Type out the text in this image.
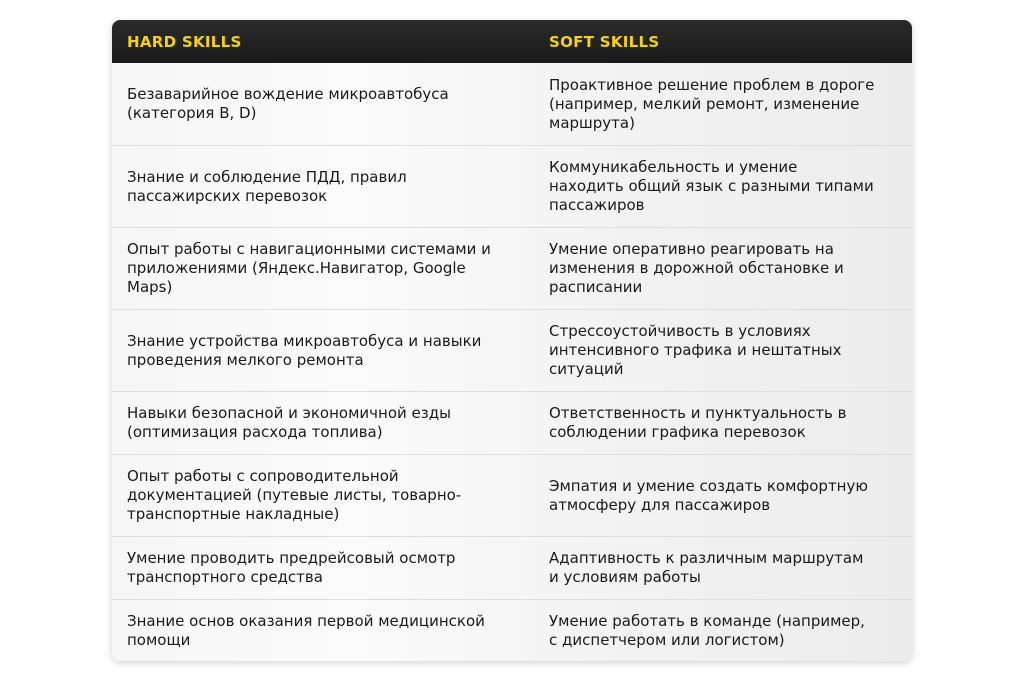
HARD SKILLS	SOFT SKILLS
Безаварийное вождение микроавтобуса
(категория B, D)
Проактивное решение проблем в дороге
(например, мелкий ремонт, изменение
маршрута)
Знание и соблюдение ПДД, правил
пассажирских перевозок
Коммуникабельность и умение
находить общий язык с разными типами
пассажиров
Опыт работы с навигационными системами и
приложениями (Яндекс.Навигатор, Google
Maps)
Умение оперативно реагировать на
изменения в дорожной обстановке и
расписании
Знание устройства микроавтобуса и навыки
проведения мелкого ремонта
Стрессоустойчивость в условиях
интенсивного трафика и нештатных
ситуаций
Навыки безопасной и экономичной езды
(оптимизация расхода топлива)
Ответственность и пунктуальность в
соблюдении графика перевозок
Опыт работы с сопроводительной
документацией (путевые листы, товарно-
транспортные накладные)
Эмпатия и умение создать комфортную
атмосферу для пассажиров
Умение проводить предрейсовый осмотр
транспортного средства
Адаптивность к различным маршрутам
и условиям работы
Знание основ оказания первой медицинской
помощи
Умение работать в команде (например,
с диспетчером или логистом)
